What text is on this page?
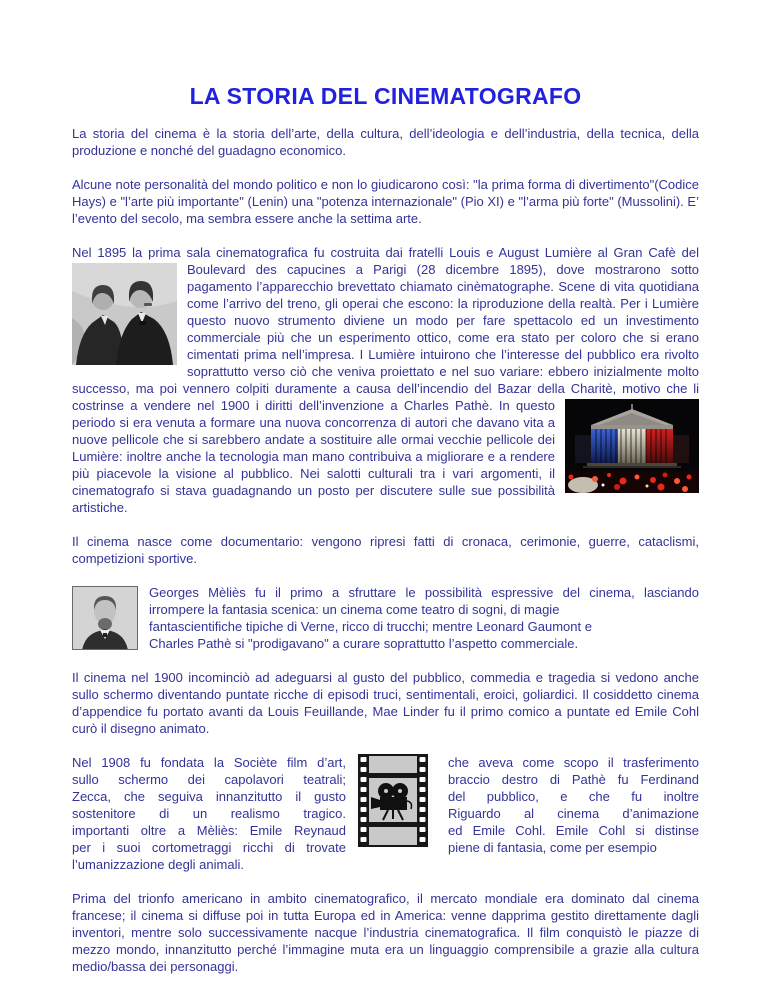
LA STORIA DEL CINEMATOGRAFO

La storia del cinema è la storia dell’arte, della cultura, dell’ideologia e dell’industria, della tecnica, della produzione e nonché del guadagno economico.

Alcune note personalità del mondo politico e non lo giudicarono così: "la prima forma di divertimento"(Codice Hays) e "l’arte più importante" (Lenin) una "potenza internazionale" (Pio XI) e "l’arma più forte" (Mussolini). E’ l’evento del secolo, ma sembra essere anche la settima arte.

Nel 1895 la prima sala cinematografica fu costruita dai fratelli Louis e August Lumière al Gran Cafè del Boulevard des capucines a Parigi (28 dicembre 1895), dove mostrarono sotto pagamento l’apparecchio brevettato chiamato cinèmatographe. Scene di vita quotidiana come l’arrivo del treno, gli operai che escono: la riproduzione della realtà. Per i Lumière questo nuovo strumento diviene un modo per fare spettacolo ed un investimento commerciale più che un esperimento ottico, come era stato per coloro che si erano cimentati prima nell’impresa. I Lumière intuirono che l’interesse del pubblico era rivolto soprattutto verso ciò che veniva proiettato e nel suo variare: ebbero inizialmente molto successo, ma poi vennero colpiti duramente a causa dell’incendio del Bazar della Charitè, motivo che li costrinse a vendere nel 1900 i diritti dell’invenzione a Charles Pathè. In questo periodo si era venuta a formare una nuova concorrenza di autori che davano vita a nuove pellicole che si sarebbero andate a sostituire alle ormai vecchie pellicole dei Lumière: inoltre anche la tecnologia man mano contribuiva a migliorare e a rendere più piacevole la visione al pubblico. Nei salotti culturali tra i vari argomenti, il cinematografo si stava guadagnando un posto per discutere sulle sue possibilità artistiche.

Il cinema nasce come documentario: vengono ripresi fatti di cronaca, cerimonie, guerre, cataclismi, competizioni sportive.

Georges Mèliès fu il primo a sfruttare le possibilità espressive del cinema, lasciando
irrompere la fantasia scenica: un cinema come teatro di sogni, di magie
fantascientifiche tipiche di Verne, ricco di trucchi; mentre Leonard Gaumont e
Charles Pathè si "prodigavano" a curare soprattutto l’aspetto commerciale.

Il cinema nel 1900 incominciò ad adeguarsi al gusto del pubblico, commedia e tragedia si vedono anche sullo schermo diventando puntate ricche di episodi truci, sentimentali, eroici, goliardici. Il cosiddetto cinema d’appendice fu portato avanti da Louis Feuillande, Mae Linder fu il primo comico a puntate ed Emile Cohl curò il disegno animato.

Nel 1908 fu fondata la Sociète film d’art,
sullo schermo dei capolavori teatrali;
Zecca, che seguiva innanzitutto il gusto
sostenitore di un realismo tragico.
importanti oltre a Mèliès: Emile Reynaud
per i suoi cortometraggi ricchi di trovate
l’umanizzazione degli animali.
che aveva come scopo il trasferimento
braccio destro di Pathè fu Ferdinand
del pubblico, e che fu inoltre
Riguardo al cinema d’animazione
ed Emile Cohl. Emile Cohl si distinse
piene di fantasia, come per esempio

Prima del trionfo americano in ambito cinematografico, il mercato mondiale era dominato dal cinema francese; il cinema si diffuse poi in tutta Europa ed in America: venne dapprima gestito direttamente dagli inventori, mentre solo successivamente nacque l’industria cinematografica. Il film conquistò le piazze di mezzo mondo, innanzitutto perché l’immagine muta era un linguaggio comprensibile a grazie alla cultura medio/bassa dei personaggi.
